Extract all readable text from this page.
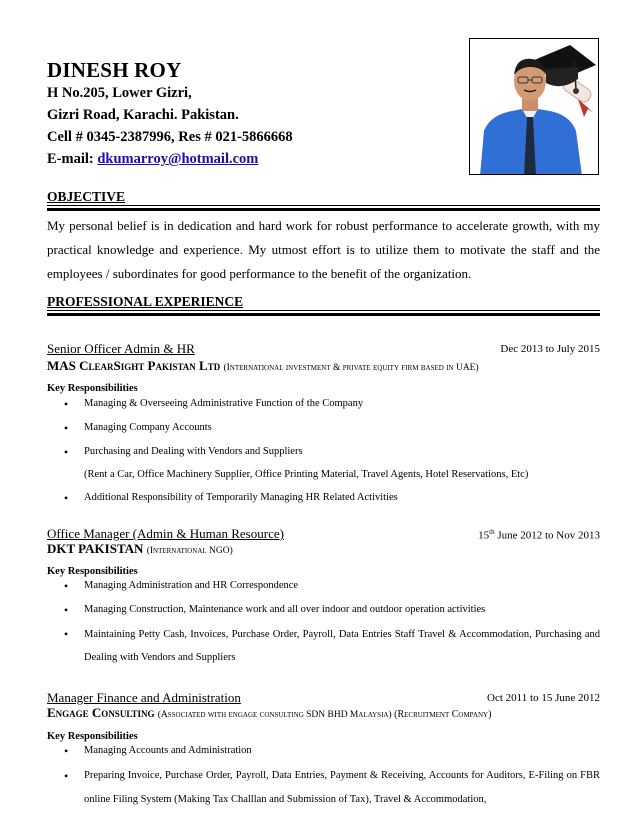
DINESH ROY

H No.205, Lower Gizri,

Gizri Road, Karachi. Pakistan.

Cell # 0345-2387996, Res # 021-5866668

E-mail: dkumarroy@hotmail.com

OBJECTIVE

My personal belief is in dedication and hard work for robust performance to accelerate growth, with my practical knowledge and experience. My utmost effort is to utilize them to motivate the staff and the employees / subordinates for good performance to the benefit of the organization.

PROFESSIONAL EXPERIENCE

Senior Officer Admin & HR	Dec 2013 to July 2015

MAS ClearSight Pakistan Ltd (International investment & private equity firm based in UAE)

Key Responsibilities

• Managing & Overseeing Administrative Function of the Company

• Managing Company Accounts

• Purchasing and Dealing with Vendors and Suppliers

(Rent a Car, Office Machinery Supplier, Office Printing Material, Travel Agents, Hotel Reservations, Etc)

• Additional Responsibility of Temporarily Managing HR Related Activities

Office Manager (Admin & Human Resource)	15th June 2012 to Nov 2013

DKT PAKISTAN (International NGO)

Key Responsibilities

• Managing Administration and HR Correspondence

• Managing Construction, Maintenance work and all over indoor and outdoor operation activities

• Maintaining Petty Cash, Invoices, Purchase Order, Payroll, Data Entries Staff Travel & Accommodation, Purchasing and Dealing with Vendors and Suppliers

Manager Finance and Administration	Oct 2011 to 15 June 2012

Engage Consulting (Associated with engage consulting SDN BHD Malaysia) (Recruitment Company)

Key Responsibilities

• Managing Accounts and Administration

• Preparing Invoice, Purchase Order, Payroll, Data Entries, Payment & Receiving, Accounts for Auditors, E-Filing on FBR online Filing System (Making Tax Challlan and Submission of Tax), Travel & Accommodation,
